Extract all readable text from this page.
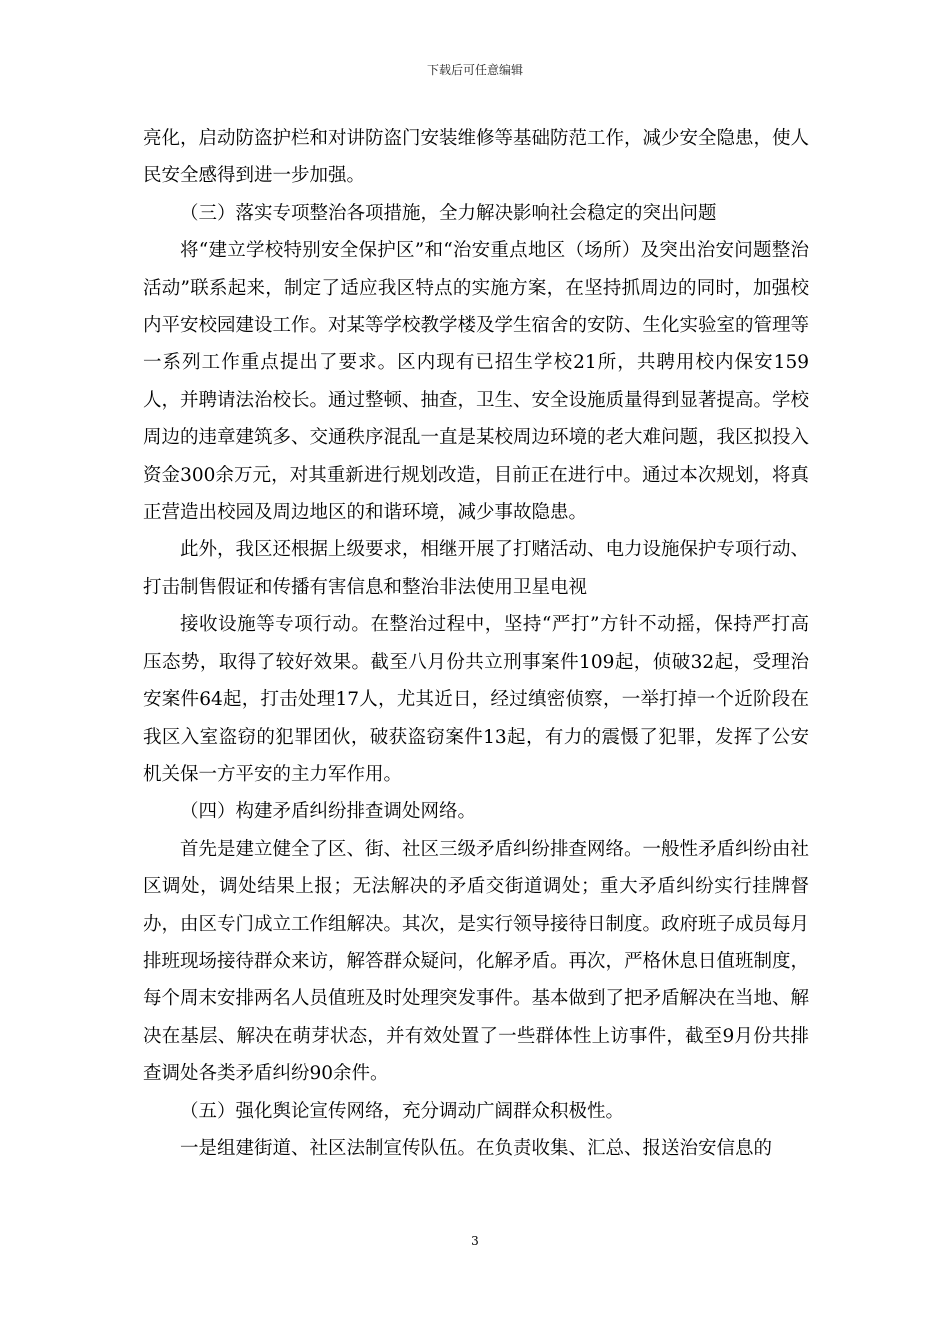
下载后可任意编辑

亮化，启动防盗护栏和对讲防盗门安装维修等基础防范工作，减少安全隐患，使人民安全感得到进一步加强。

（三）落实专项整治各项措施，全力解决影响社会稳定的突出问题

将“建立学校特别安全保护区”和“治安重点地区（场所）及突出治安问题整治活动”联系起来，制定了适应我区特点的实施方案，在坚持抓周边的同时，加强校内平安校园建设工作。对某等学校教学楼及学生宿舍的安防、生化实验室的管理等一系列工作重点提出了要求。区内现有已招生学校21所，共聘用校内保安159人，并聘请法治校长。通过整顿、抽查，卫生、安全设施质量得到显著提高。学校周边的违章建筑多、交通秩序混乱一直是某校周边环境的老大难问题，我区拟投入资金300余万元，对其重新进行规划改造，目前正在进行中。通过本次规划，将真正营造出校园及周边地区的和谐环境，减少事故隐患。

此外，我区还根据上级要求，相继开展了打赌活动、电力设施保护专项行动、打击制售假证和传播有害信息和整治非法使用卫星电视

接收设施等专项行动。在整治过程中，坚持“严打”方针不动摇，保持严打高压态势，取得了较好效果。截至八月份共立刑事案件109起，侦破32起，受理治安案件64起，打击处理17人，尤其近日，经过缜密侦察，一举打掉一个近阶段在我区入室盗窃的犯罪团伙，破获盗窃案件13起，有力的震慑了犯罪，发挥了公安机关保一方平安的主力军作用。

（四）构建矛盾纠纷排查调处网络。

首先是建立健全了区、街、社区三级矛盾纠纷排查网络。一般性矛盾纠纷由社区调处，调处结果上报；无法解决的矛盾交街道调处；重大矛盾纠纷实行挂牌督办，由区专门成立工作组解决。其次，是实行领导接待日制度。政府班子成员每月排班现场接待群众来访，解答群众疑问，化解矛盾。再次，严格休息日值班制度，每个周末安排两名人员值班及时处理突发事件。基本做到了把矛盾解决在当地、解决在基层、解决在萌芽状态，并有效处置了一些群体性上访事件，截至9月份共排查调处各类矛盾纠纷90余件。

（五）强化舆论宣传网络，充分调动广阔群众积极性。

一是组建街道、社区法制宣传队伍。在负责收集、汇总、报送治安信息的

3
